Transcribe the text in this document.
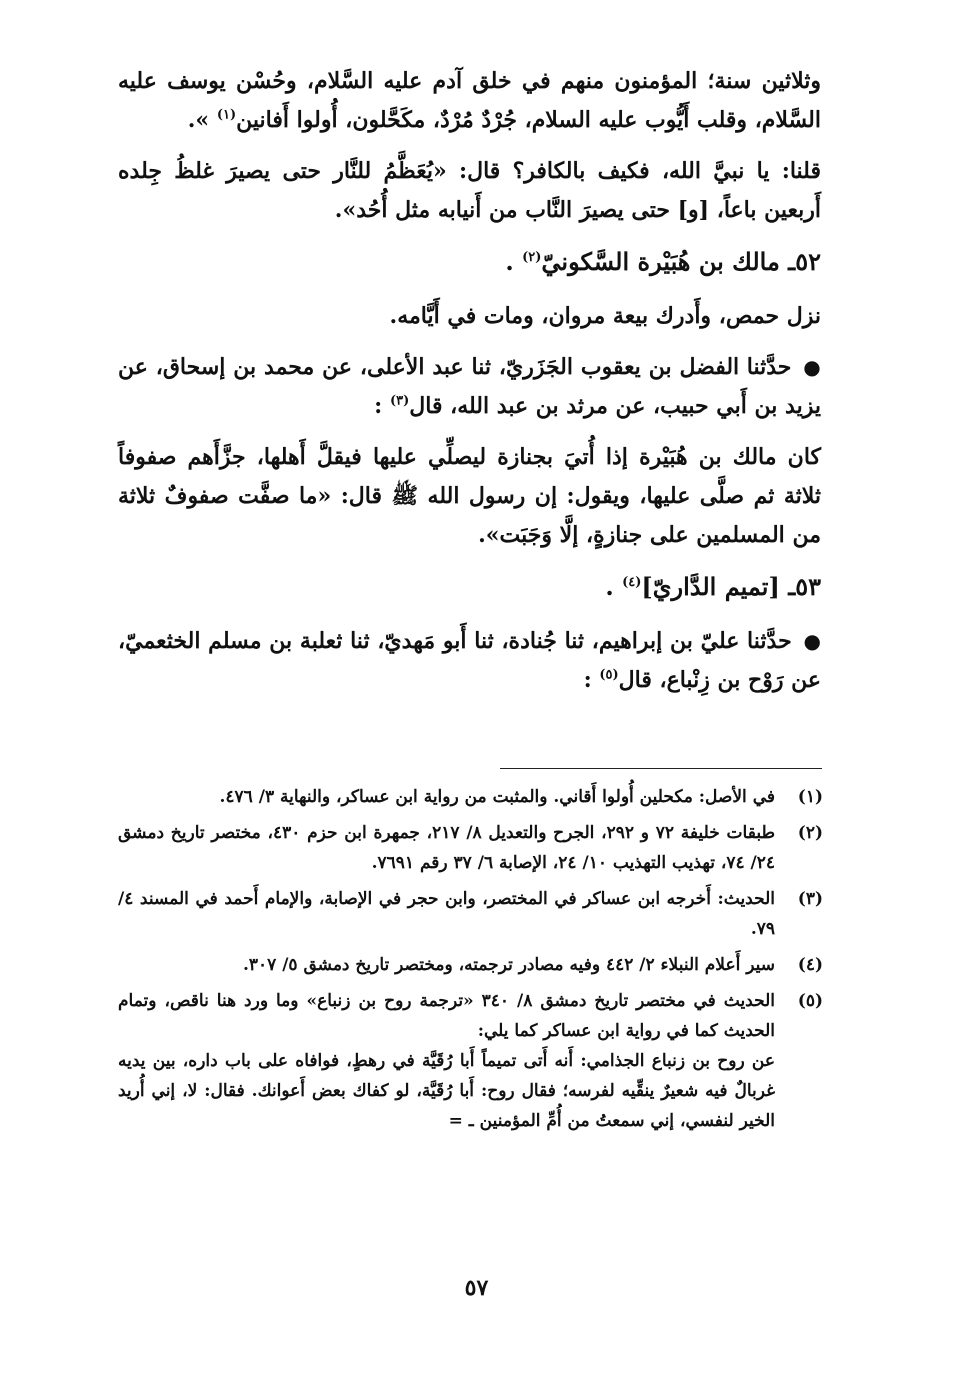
وثلاثين سنة؛ المؤمنون منهم في خلق آدم عليه السَّلام، وحُسْن يوسف عليه السَّلام، وقلب أَيُّوب عليه السلام، جُرْدٌ مُرْدٌ، مكَحَّلون، أُولوا أَفانين$^{(١)}$ ».

قلنا: يا نبيَّ الله، فكيف بالكافر؟ قال: «يُعَظَّمُ للنَّار حتى يصيرَ غلظُ جِلده أَربعين باعاً، [و] حتى يصيرَ النَّاب من أَنيابه مثل أُحُد».

٥٢ـ مالك بن هُبَيْرة السَّكونيّ$^{(٢)}$ .

نزل حمص، وأَدرك بيعة مروان، ومات في أَيَّامه.

● حدَّثنا الفضل بن يعقوب الجَزَريّ، ثنا عبد الأعلى، عن محمد بن إسحاق، عن يزيد بن أَبي حبيب، عن مرثد بن عبد الله، قال$^{(٣)}$ :

كان مالك بن هُبَيْرة إذا أُتيَ بجنازة ليصلِّي عليها فيقلَّ أَهلها، جزَّأَهم صفوفاً ثلاثة ثم صلَّى عليها، ويقول: إن رسول الله ﷺ قال: «ما صفَّت صفوفٌ ثلاثة من المسلمين على جنازةٍ، إلَّا وَجَبَت».

٥٣ـ [تميم الدَّاريّ]$^{(٤)}$ .

● حدَّثنا عليّ بن إبراهيم، ثنا جُنادة، ثنا أَبو مَهديّ، ثنا ثعلبة بن مسلم الخثعميّ، عن رَوْح بن زِنْباع، قال$^{(٥)}$ :

(١)
في الأصل: مكحلين أُولوا أَقاني. والمثبت من رواية ابن عساكر، والنهاية ٣/ ٤٧٦.
(٢)
طبقات خليفة ٧٢ و ٢٩٢، الجرح والتعديل ٨/ ٢١٧، جمهرة ابن حزم ٤٣٠، مختصر تاريخ دمشق ٢٤/ ٧٤، تهذيب التهذيب ١٠/ ٢٤، الإصابة ٦/ ٣٧ رقم ٧٦٩١.
(٣)
الحديث: أَخرجه ابن عساكر في المختصر، وابن حجر في الإصابة، والإمام أَحمد في المسند ٤/ ٧٩.
(٤)
سير أَعلام النبلاء ٢/ ٤٤٢ وفيه مصادر ترجمته، ومختصر تاريخ دمشق ٥/ ٣٠٧.
(٥)
الحديث في مختصر تاريخ دمشق ٨/ ٣٤٠ «ترجمة روح بن زنباع» وما ورد هنا ناقص، وتمام الحديث كما في رواية ابن عساكر كما يلي:
عن روح بن زنباع الجذامي: أَنه أَتى تميماً أَبا رُقَيَّة في رهطٍ، فوافاه على باب داره، بين يديه غربالٌ فيه شعيرٌ ينقِّيه لفرسه؛ فقال روح: أَبا رُقَيَّة، لو كفاك بعض أَعوانك. فقال: لا، إني أُريد الخير لنفسي، إني سمعتُ من أُمِّ المؤمنين ـ =
٥٧
